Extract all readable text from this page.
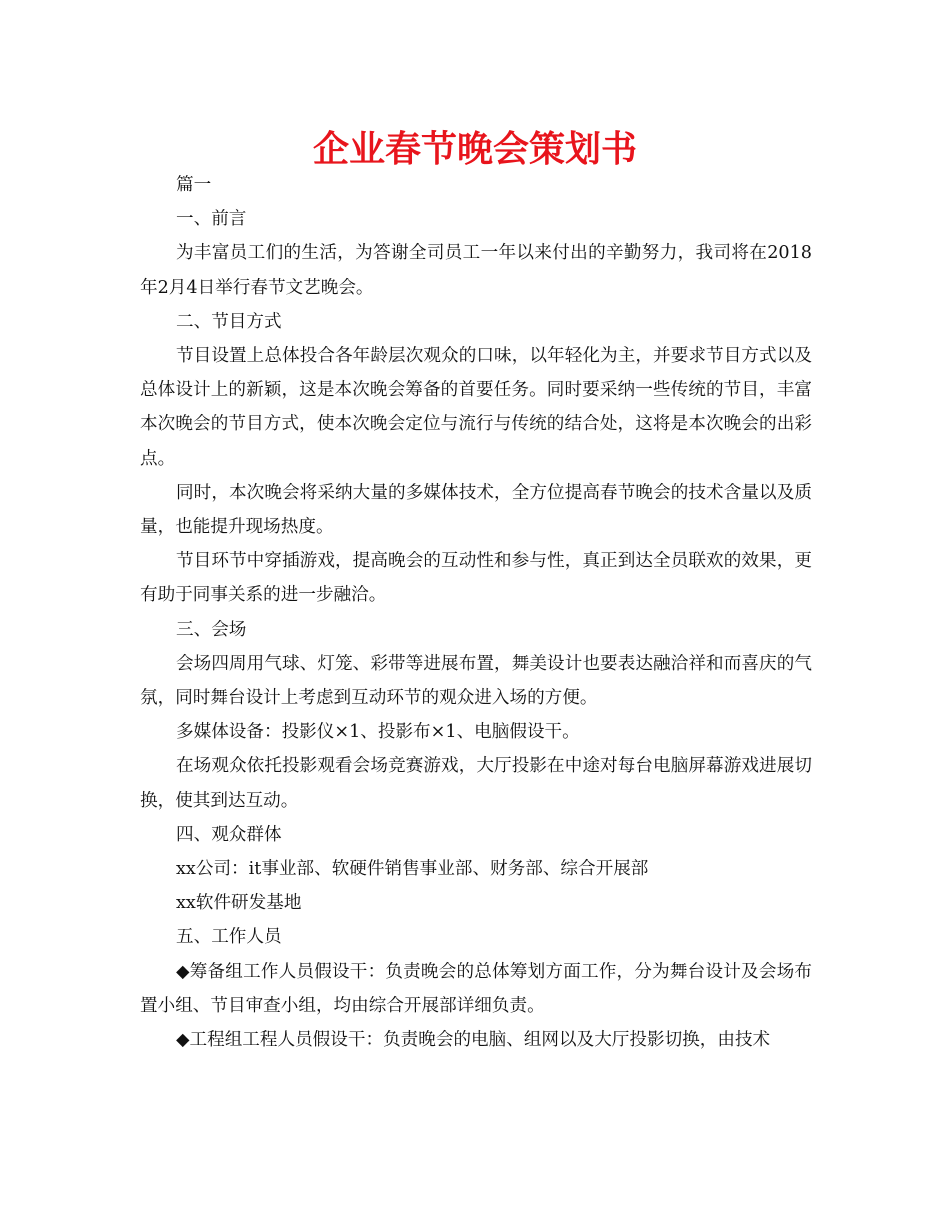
企业春节晚会策划书

篇一

一、前言

为丰富员工们的生活，为答谢全司员工一年以来付出的辛勤努力，我司将在2018年2月4日举行春节文艺晚会。

二、节目方式

节目设置上总体投合各年龄层次观众的口味，以年轻化为主，并要求节目方式以及总体设计上的新颖，这是本次晚会筹备的首要任务。同时要采纳一些传统的节目，丰富本次晚会的节目方式，使本次晚会定位与流行与传统的结合处，这将是本次晚会的出彩点。

同时，本次晚会将采纳大量的多媒体技术，全方位提高春节晚会的技术含量以及质量，也能提升现场热度。

节目环节中穿插游戏，提高晚会的互动性和参与性，真正到达全员联欢的效果，更有助于同事关系的进一步融洽。

三、会场

会场四周用气球、灯笼、彩带等进展布置，舞美设计也要表达融洽祥和而喜庆的气氛，同时舞台设计上考虑到互动环节的观众进入场的方便。

多媒体设备：投影仪×1、投影布×1、电脑假设干。

在场观众依托投影观看会场竞赛游戏，大厅投影在中途对每台电脑屏幕游戏进展切换，使其到达互动。

四、观众群体

xx公司：it事业部、软硬件销售事业部、财务部、综合开展部

xx软件研发基地

五、工作人员

◆筹备组工作人员假设干：负责晚会的总体筹划方面工作，分为舞台设计及会场布置小组、节目审查小组，均由综合开展部详细负责。

◆工程组工程人员假设干：负责晚会的电脑、组网以及大厅投影切换，由技术
